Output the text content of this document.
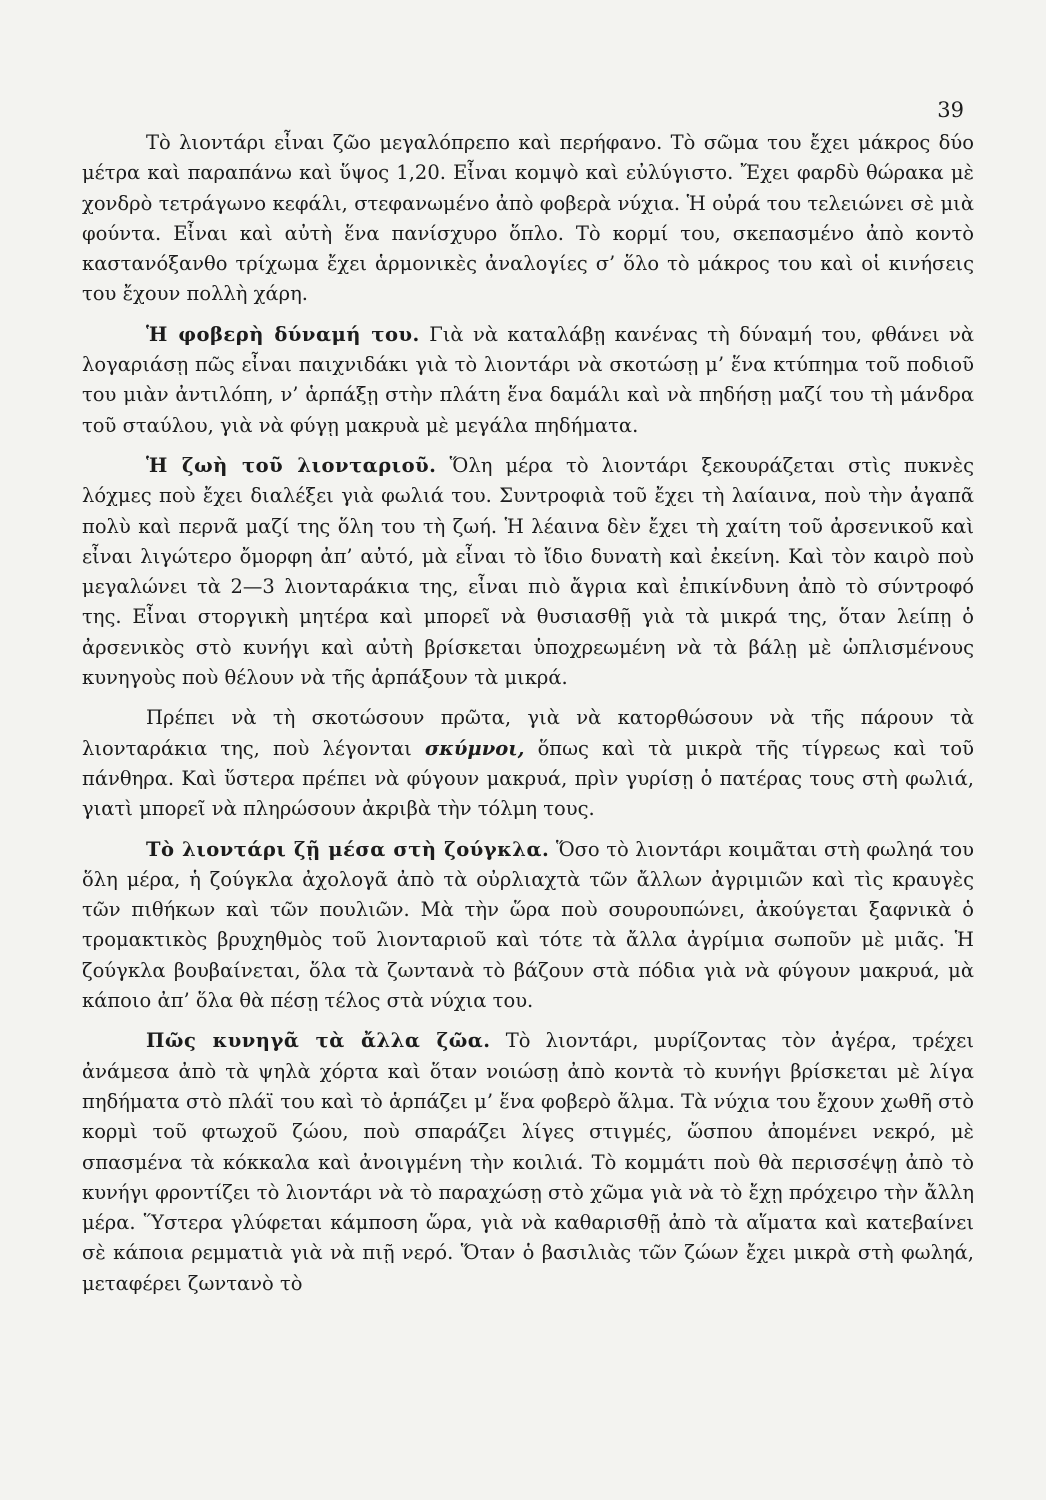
39

Τὸ λιοντάρι εἶναι ζῶο μεγαλόπρεπο καὶ περήφανο. Τὸ σῶμα του ἔχει μάκρος δύο μέτρα καὶ παραπάνω καὶ ὕψος 1,20. Εἶναι κομψὸ καὶ εὐλύγιστο. Ἔχει φαρδὺ θώρακα μὲ χονδρὸ τετράγωνο κεφάλι, στεφανωμένο ἀπὸ φοβερὰ νύχια. Ἡ οὐρά του τελειώνει σὲ μιὰ φούντα. Εἶναι καὶ αὐτὴ ἕνα πανίσχυρο ὅπλο. Τὸ κορμί του, σκεπασμένο ἀπὸ κοντὸ καστανόξανθο τρίχωμα ἔχει ἁρμονικὲς ἀναλογίες σ’ ὅλο τὸ μάκρος του καὶ οἱ κινήσεις του ἔχουν πολλὴ χάρη.

Ἡ φοβερὴ δύναμή του. Γιὰ νὰ καταλάβῃ κανένας τὴ δύναμή του, φθάνει νὰ λογαριάσῃ πῶς εἶναι παιχνιδάκι γιὰ τὸ λιοντάρι νὰ σκοτώσῃ μ’ ἕνα κτύπημα τοῦ ποδιοῦ του μιὰν ἀντιλόπη, ν’ ἁρπάξῃ στὴν πλάτη ἕνα δαμάλι καὶ νὰ πηδήσῃ μαζί του τὴ μάνδρα τοῦ σταύλου, γιὰ νὰ φύγῃ μακρυὰ μὲ μεγάλα πηδήματα.

Ἡ ζωὴ τοῦ λιονταριοῦ. Ὅλη μέρα τὸ λιοντάρι ξεκουράζεται στὶς πυκνὲς λόχμες ποὺ ἔχει διαλέξει γιὰ φωλιά του. Συντροφιὰ τοῦ ἔχει τὴ λαίαινα, ποὺ τὴν ἀγαπᾶ πολὺ καὶ περνᾶ μαζί της ὅλη του τὴ ζωή. Ἡ λέαινα δὲν ἔχει τὴ χαίτη τοῦ ἀρσενικοῦ καὶ εἶναι λιγώτερο ὄμορφη ἀπ’ αὐτό, μὰ εἶναι τὸ ἴδιο δυνατὴ καὶ ἐκείνη. Καὶ τὸν καιρὸ ποὺ μεγαλώνει τὰ 2—3 λιονταράκια της, εἶναι πιὸ ἄγρια καὶ ἐπικίνδυνη ἀπὸ τὸ σύντροφό της. Εἶναι στοργικὴ μητέρα καὶ μπορεῖ νὰ θυσιασθῇ γιὰ τὰ μικρά της, ὅταν λείπῃ ὁ ἀρσενικὸς στὸ κυνήγι καὶ αὐτὴ βρίσκεται ὑποχρεωμένη νὰ τὰ βάλῃ μὲ ὡπλισμένους κυνηγοὺς ποὺ θέλουν νὰ τῆς ἁρπάξουν τὰ μικρά.

Πρέπει νὰ τὴ σκοτώσουν πρῶτα, γιὰ νὰ κατορθώσουν νὰ τῆς πάρουν τὰ λιονταράκια της, ποὺ λέγονται σκύμνοι, ὅπως καὶ τὰ μικρὰ τῆς τίγρεως καὶ τοῦ πάνθηρα. Καὶ ὕστερα πρέπει νὰ φύγουν μακρυά, πρὶν γυρίσῃ ὁ πατέρας τους στὴ φωλιά, γιατὶ μπορεῖ νὰ πληρώσουν ἀκριβὰ τὴν τόλμη τους.

Τὸ λιοντάρι ζῇ μέσα στὴ ζούγκλα. Ὅσο τὸ λιοντάρι κοιμᾶται στὴ φωληά του ὅλη μέρα, ἡ ζούγκλα ἀχολογᾶ ἀπὸ τὰ οὐρλιαχτὰ τῶν ἄλλων ἀγριμιῶν καὶ τὶς κραυγὲς τῶν πιθήκων καὶ τῶν πουλιῶν. Μὰ τὴν ὥρα ποὺ σουρουπώνει, ἀκούγεται ξαφνικὰ ὁ τρομακτικὸς βρυχηθμὸς τοῦ λιονταριοῦ καὶ τότε τὰ ἄλλα ἀγρίμια σωποῦν μὲ μιᾶς. Ἡ ζούγκλα βουβαίνεται, ὅλα τὰ ζωντανὰ τὸ βάζουν στὰ πόδια γιὰ νὰ φύγουν μακρυά, μὰ κάποιο ἀπ’ ὅλα θὰ πέσῃ τέλος στὰ νύχια του.

Πῶς κυνηγᾶ τὰ ἄλλα ζῶα. Τὸ λιοντάρι, μυρίζοντας τὸν ἀγέρα, τρέχει ἀνάμεσα ἀπὸ τὰ ψηλὰ χόρτα καὶ ὅταν νοιώσῃ ἀπὸ κοντὰ τὸ κυνήγι βρίσκεται μὲ λίγα πηδήματα στὸ πλάϊ του καὶ τὸ ἁρπάζει μ’ ἕνα φοβερὸ ἅλμα. Τὰ νύχια του ἔχουν χωθῆ στὸ κορμὶ τοῦ φτωχοῦ ζώου, ποὺ σπαράζει λίγες στιγμές, ὥσπου ἀπομένει νεκρό, μὲ σπασμένα τὰ κόκκαλα καὶ ἀνοιγμένη τὴν κοιλιά. Τὸ κομμάτι ποὺ θὰ περισσέψῃ ἀπὸ τὸ κυνήγι φροντίζει τὸ λιοντάρι νὰ τὸ παραχώσῃ στὸ χῶμα γιὰ νὰ τὸ ἔχῃ πρόχειρο τὴν ἄλλη μέρα. Ὕστερα γλύφεται κάμποση ὥρα, γιὰ νὰ καθαρισθῇ ἀπὸ τὰ αἵματα καὶ κατεβαίνει σὲ κάποια ρεμματιὰ γιὰ νὰ πιῇ νερό. Ὅταν ὁ βασιλιὰς τῶν ζώων ἔχει μικρὰ στὴ φωληά, μεταφέρει ζωντανὸ τὸ
